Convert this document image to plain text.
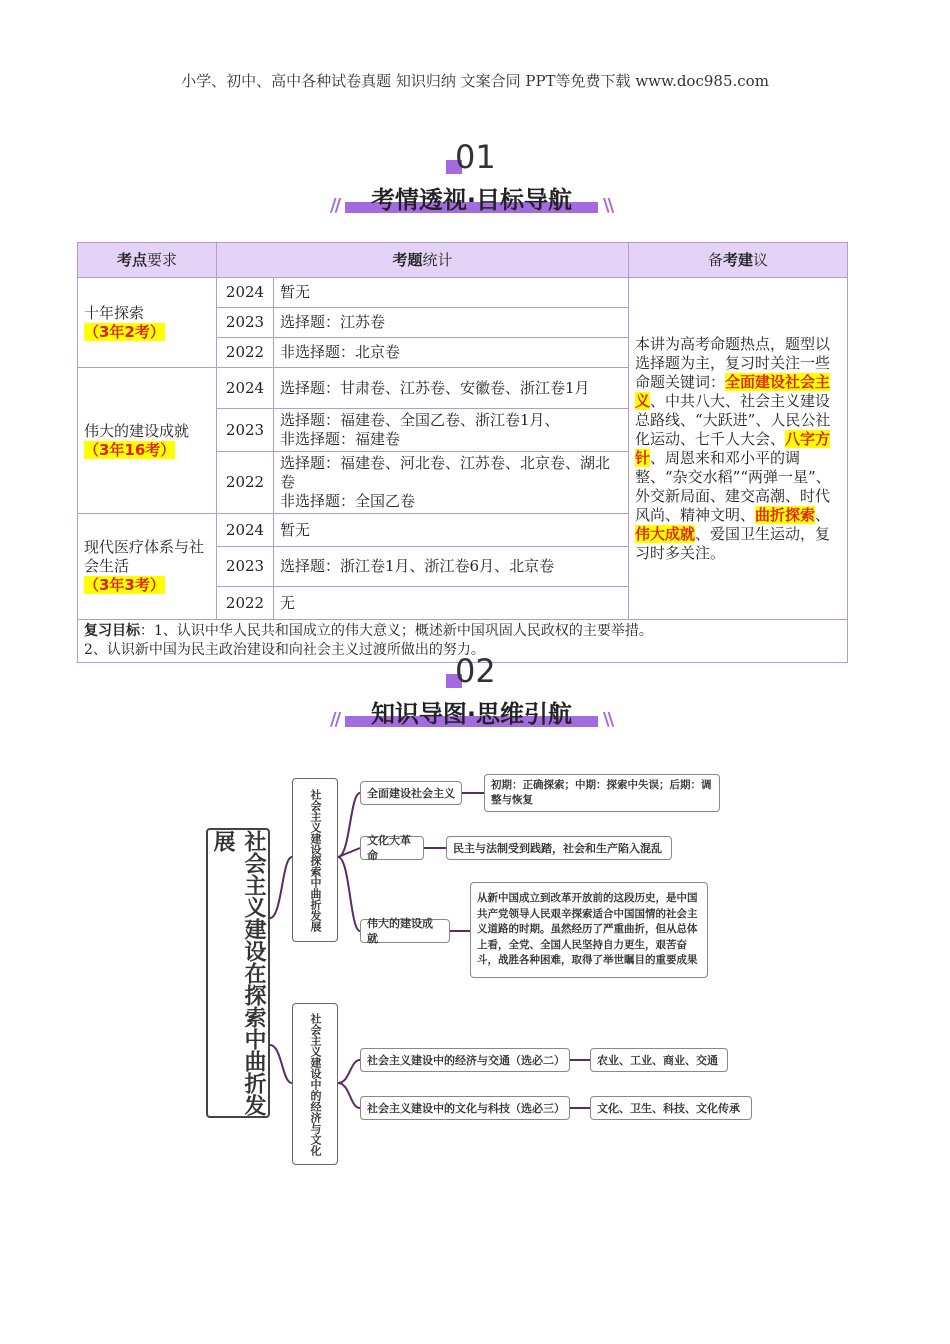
小学、初中、高中各种试卷真题 知识归纳 文案合同 PPT等免费下载 www.doc985.com
01
//	\\
考情透视·目标导航
考点要求	考题统计		备考建议

十年探索
（3年2考）	2024	暂无	本讲为高考命题热点，题型以选择题为主，复习时关注一些命题关键词：全面建设社会主义、中共八大、社会主义建设总路线、“大跃进”、人民公社化运动、七千人大会、八字方针、周恩来和邓小平的调整、“杂交水稻”“两弹一星”、外交新局面、建交高潮、时代风尚、精神文明、曲折探索、伟大成就、爱国卫生运动，复习时多关注。
	2023	选择题：江苏卷	
	2022	非选择题：北京卷	

伟大的建设成就
（3年16考）	2024	选择题：甘肃卷、江苏卷、安徽卷、浙江卷1月	
	2023	选择题：福建卷、全国乙卷、浙江卷1月、
非选择题：福建卷	

	2022	选择题：福建卷、河北卷、江苏卷、北京卷、湖北卷
非选择题：全国乙卷	

现代医疗体系与社会生活
（3年3考）	2024	暂无	
	2023	选择题：浙江卷1月、浙江卷6月、北京卷	
	2022	无	
复习目标：1、认识中华人民共和国成立的伟大意义；概述新中国巩固人民政权的主要举措。
2、认识新中国为民主政治建设和向社会主义过渡所做出的努力。			
02
//	\\
知识导图·思维引航
社会主义建设在探索中曲折发展	社会主义建设探索中曲折发展
社会主义建设中的经济与文化
全面建设社会主义
初期：正确探索；中期：探索中失误；后期：调整与恢复
文化大革命
民主与法制受到践踏，社会和生产陷入混乱
伟大的建设成就
从新中国成立到改革开放前的这段历史，是中国共产党领导人民艰辛探索适合中国国情的社会主义道路的时期。虽然经历了严重曲折，但从总体上看，全党、全国人民坚持自力更生，艰苦奋斗，战胜各种困难，取得了举世瞩目的重要成果
社会主义建设中的经济与交通（选必二）	农业、工业、商业、交通
社会主义建设中的文化与科技（选必三）	文化、卫生、科技、文化传承
